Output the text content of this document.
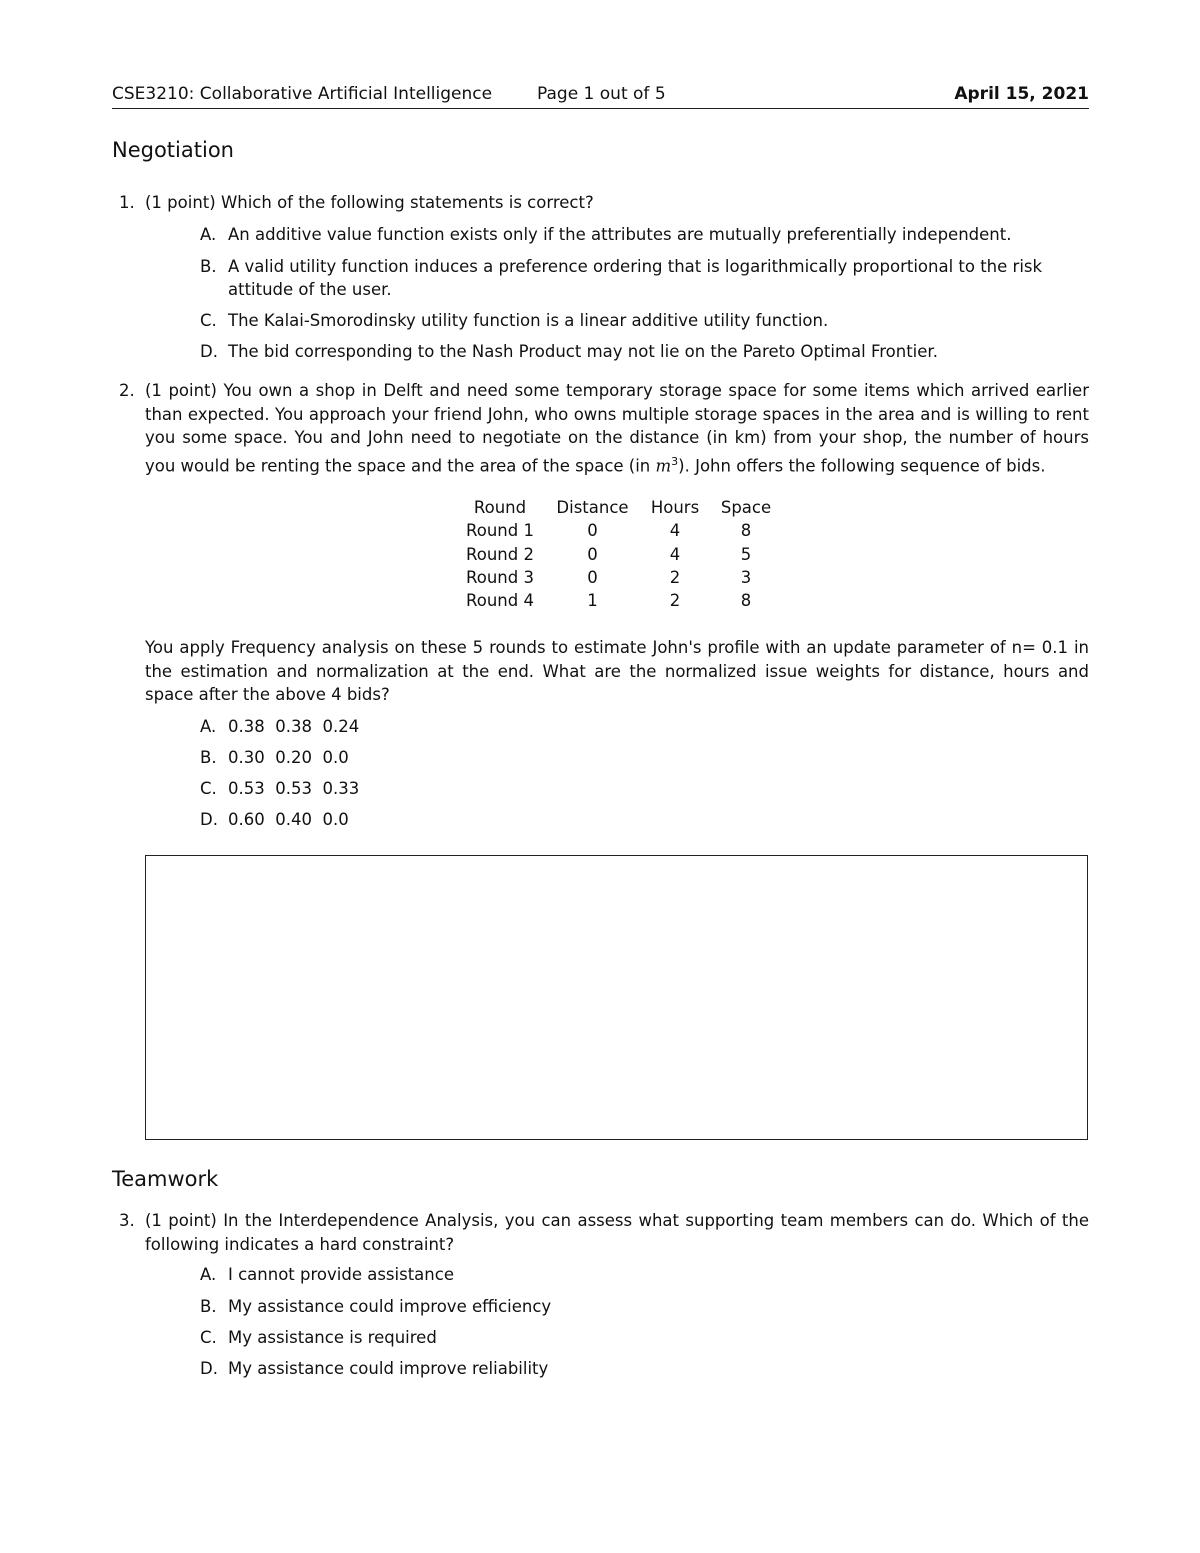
CSE3210: Collaborative Artificial Intelligence	Page 1 out of 5	April 15, 2021
Negotiation
1. (1 point) Which of the following statements is correct?
A. An additive value function exists only if the attributes are mutually preferentially independent.
B. A valid utility function induces a preference ordering that is logarithmically proportional to the risk attitude of the user.
C. The Kalai-Smorodinsky utility function is a linear additive utility function.
D. The bid corresponding to the Nash Product may not lie on the Pareto Optimal Frontier.
2. (1 point) You own a shop in Delft and need some temporary storage space for some items which arrived earlier than expected. You approach your friend John, who owns multiple storage spaces in the area and is willing to rent you some space. You and John need to negotiate on the distance (in km) from your shop, the number of hours you would be renting the space and the area of the space (in $m^3$). John offers the following sequence of bids.
Round	Distance	Hours	Space
Round 1	0	4	8
Round 2	0	4	5
Round 3	0	2	3
Round 4	1	2	8
You apply Frequency analysis on these 5 rounds to estimate John's profile with an update parameter of n= 0.1 in the estimation and normalization at the end. What are the normalized issue weights for distance, hours and space after the above 4 bids?
A. 0.38  0.38  0.24
B. 0.30  0.20  0.0
C. 0.53  0.53  0.33
D. 0.60  0.40  0.0
Teamwork
3. (1 point) In the Interdependence Analysis, you can assess what supporting team members can do. Which of the following indicates a hard constraint?
A. I cannot provide assistance
B. My assistance could improve efficiency
C. My assistance is required
D. My assistance could improve reliability
